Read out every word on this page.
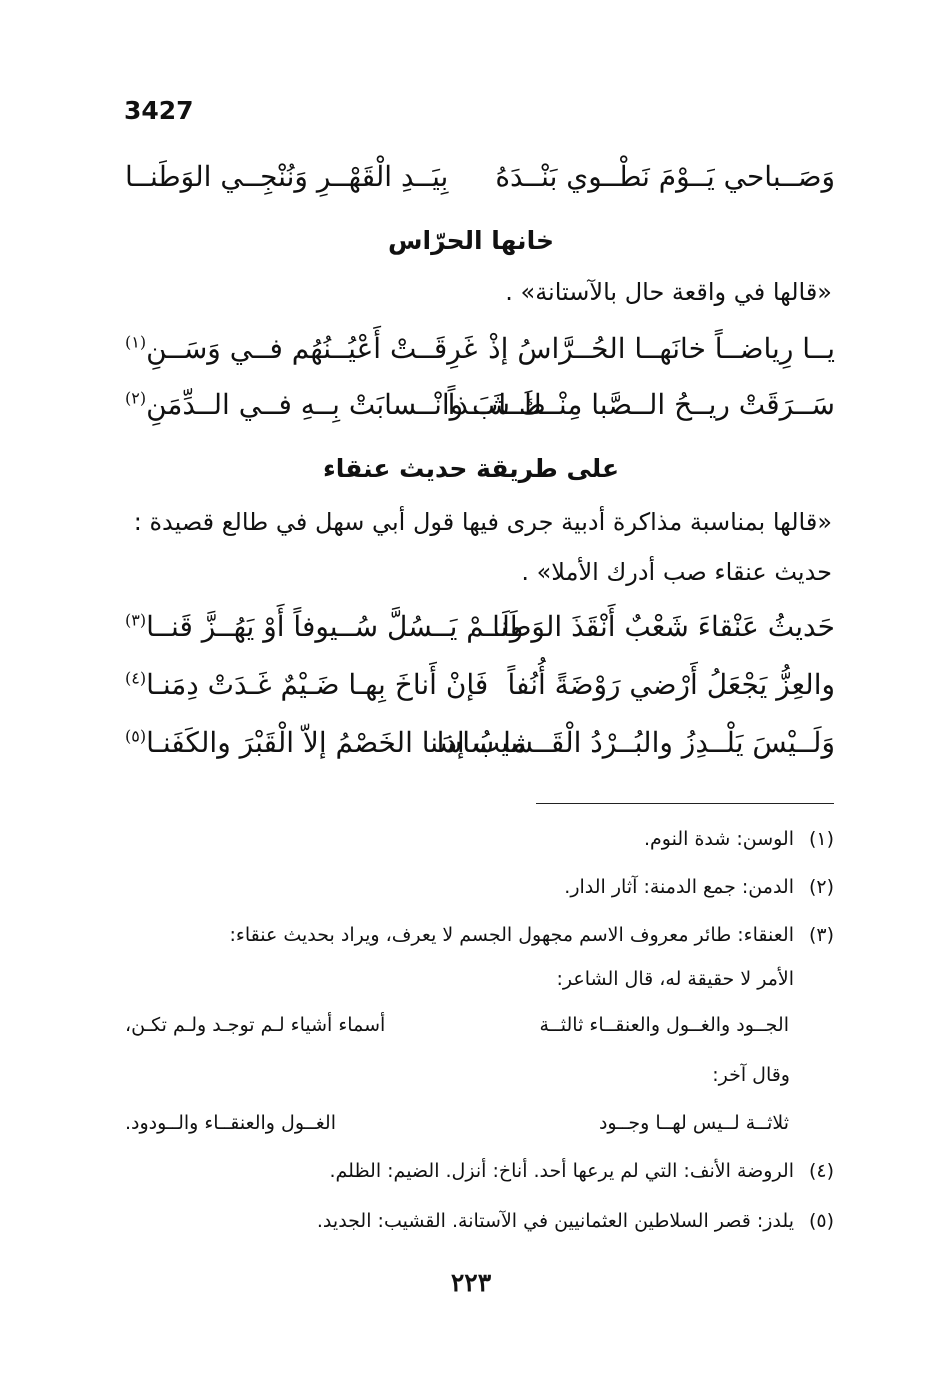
3427
وَصَــباحي يَــوْمَ نَطْــوي بَنْــدَهُ
بِيَــدِ الْقَهْــرِ وَنُنْجِــي الوَطَنــا
خانها الحرّاس
«قالها في واقعة حال بالآستانة» .
يــا رِياضــاً خانَهــا الحُــرَّاسُ إذْ
غَرِقَــتْ أَعْيُــنُهُم فــي وَسَــنِ$^{(١)}$
سَــرَقَتْ ريــحُ الــصَّبا مِنْــكَ شَــذاً
طــابَ وانْــسابَتْ بِــهِ فــي الــدِّمَنِ$^{(٢)}$
على طريقة حديث عنقاء
«قالها بمناسبة مذاكرة أدبية جرى فيها قول أبي سهل في طالع قصيدة :
حديث عنقاء صب أدرك الأملا» .
حَديثُ عَنْقاءَ شَعْبٌ أَنْقَذَ الوَطَنا
ولَــمْ يَــسُلَّ سُــيوفاً أَوْ يَهُــزَّ قَنــا$^{(٣)}$
والعِزُّ يَجْعَلُ أَرْضي رَوْضَةً أُنُفاً
فَإنْ أَناخَ بِهـا ضَـيْمٌ غَـدَتْ دِمَنـا$^{(٤)}$
وَلَــيْسَ يَلْــدِزُ والبُــرْدُ الْقَــشيبُ إذا
ما ساسَنا الخَصْمُ إلاّ الْقَبْرَ والكَفَنـا$^{(٥)}$
(١)الوسن: شدة النوم.
(٢)الدمن: جمع الدمنة: آثار الدار.
(٣)العنقاء: طائر معروف الاسم مجهول الجسم لا يعرف، ويراد بحديث عنقاء:
الأمر لا حقيقة له، قال الشاعر:
الجــود والغــول والعنقــاء ثالثــة
أسماء أشياء لـم توجـد ولـم تكـن،
وقال آخر:
ثلاثــة لــيس لهــا وجــود
الغــول والعنقــاء والــودود.
(٤)الروضة الأنف: التي لم يرعها أحد. أناخ: أنزل. الضيم: الظلم.
(٥)يلدز: قصر السلاطين العثمانيين في الآستانة. القشيب: الجديد.
٢٢٣
